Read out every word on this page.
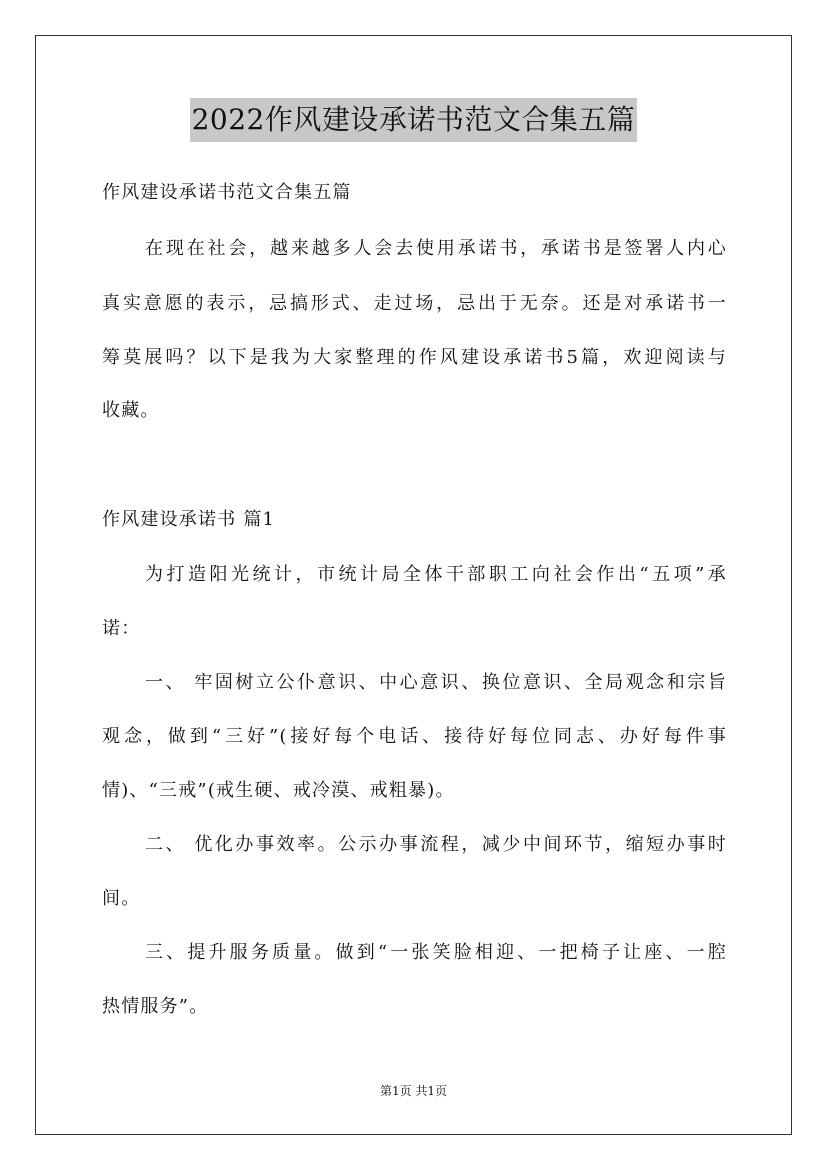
2022作风建设承诺书范文合集五篇
作风建设承诺书范文合集五篇
在现在社会，越来越多人会去使用承诺书，承诺书是签署人内心
真实意愿的表示，忌搞形式、走过场，忌出于无奈。还是对承诺书一
筹莫展吗？以下是我为大家整理的作风建设承诺书5篇，欢迎阅读与
收藏。
作风建设承诺书 篇1
为打造阳光统计，市统计局全体干部职工向社会作出“五项”承
诺：
一、 牢固树立公仆意识、中心意识、换位意识、全局观念和宗旨
观念，做到“三好”(接好每个电话、接待好每位同志、办好每件事
情)、“三戒”(戒生硬、戒冷漠、戒粗暴)。
二、 优化办事效率。公示办事流程，减少中间环节，缩短办事时
间。
三、提升服务质量。做到“一张笑脸相迎、一把椅子让座、一腔
热情服务”。
第1页 共1页
